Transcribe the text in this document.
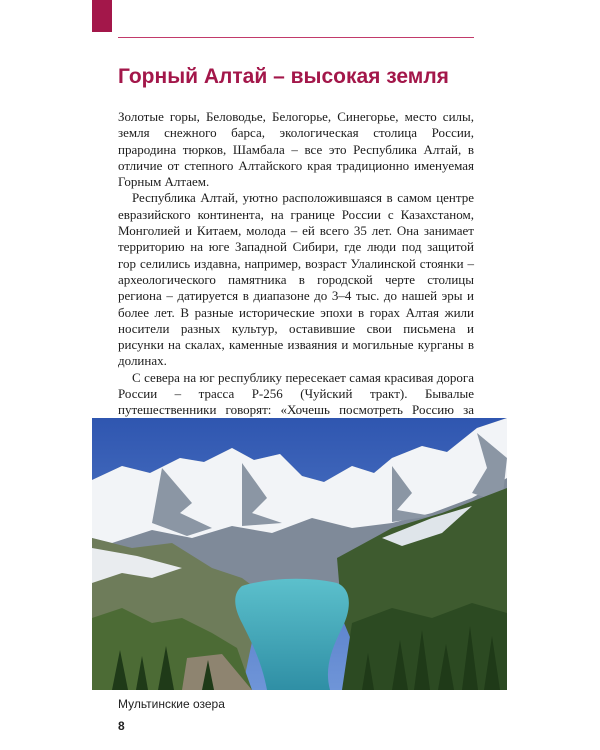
Горный Алтай – высокая земля

Золотые горы, Беловодье, Белогорье, Синегорье, место силы, земля снежного барса, экологическая столица России, прародина тюрков, Шамбала – все это Республика Алтай, в отличие от степного Алтайского края традиционно именуемая Горным Алтаем.

Республика Алтай, уютно расположившаяся в самом центре евразийского континента, на границе России с Казахстаном, Монголией и Китаем, молода – ей всего 35 лет. Она занимает территорию на юге Западной Сибири, где люди под защитой гор селились издавна, например, возраст Улалинской стоянки – археологического памятника в городской черте столицы региона – датируется в диапазоне до 3–4 тыс. до нашей эры и более лет. В разные исторические эпохи в горах Алтая жили носители разных культур, оставившие свои письмена и рисунки на скалах, каменные изваяния и могильные курганы в долинах.

С севера на юг республику пересекает самая красивая дорога России – трасса Р-256 (Чуйский тракт). Бывалые путешественники говорят: «Хочешь посмотреть Россию за

Мультинские озера
8
